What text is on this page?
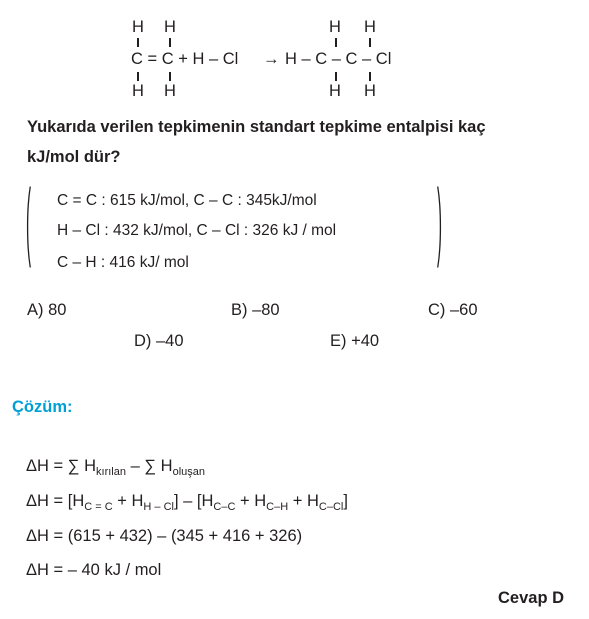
H H	H H
C = C + H – Cl → H – C – C – Cl
H H	H H
Yukarıda verilen tepkimenin standart tepkime entalpisi kaç
kJ/mol dür?
(	)
C = C : 615 kJ/mol, C – C : 345kJ/mol
H – Cl : 432 kJ/mol, C – Cl : 326 kJ / mol
C – H : 416 kJ/ mol
A) 80	B) –80	C) –60
D) –40	E) +40
Çözüm:
ΔH = ∑ $H_{kırılan}$ – ∑ $H_{oluşan}$
$\Delta H = [H_{C = C} + H_{H - Cl}] - [H_{C-C} + H_{C-H} + H_{C-Cl}]$
ΔH = (615 + 432) – (345 + 416 + 326)
ΔH = – 40 kJ / mol
Cevap D
